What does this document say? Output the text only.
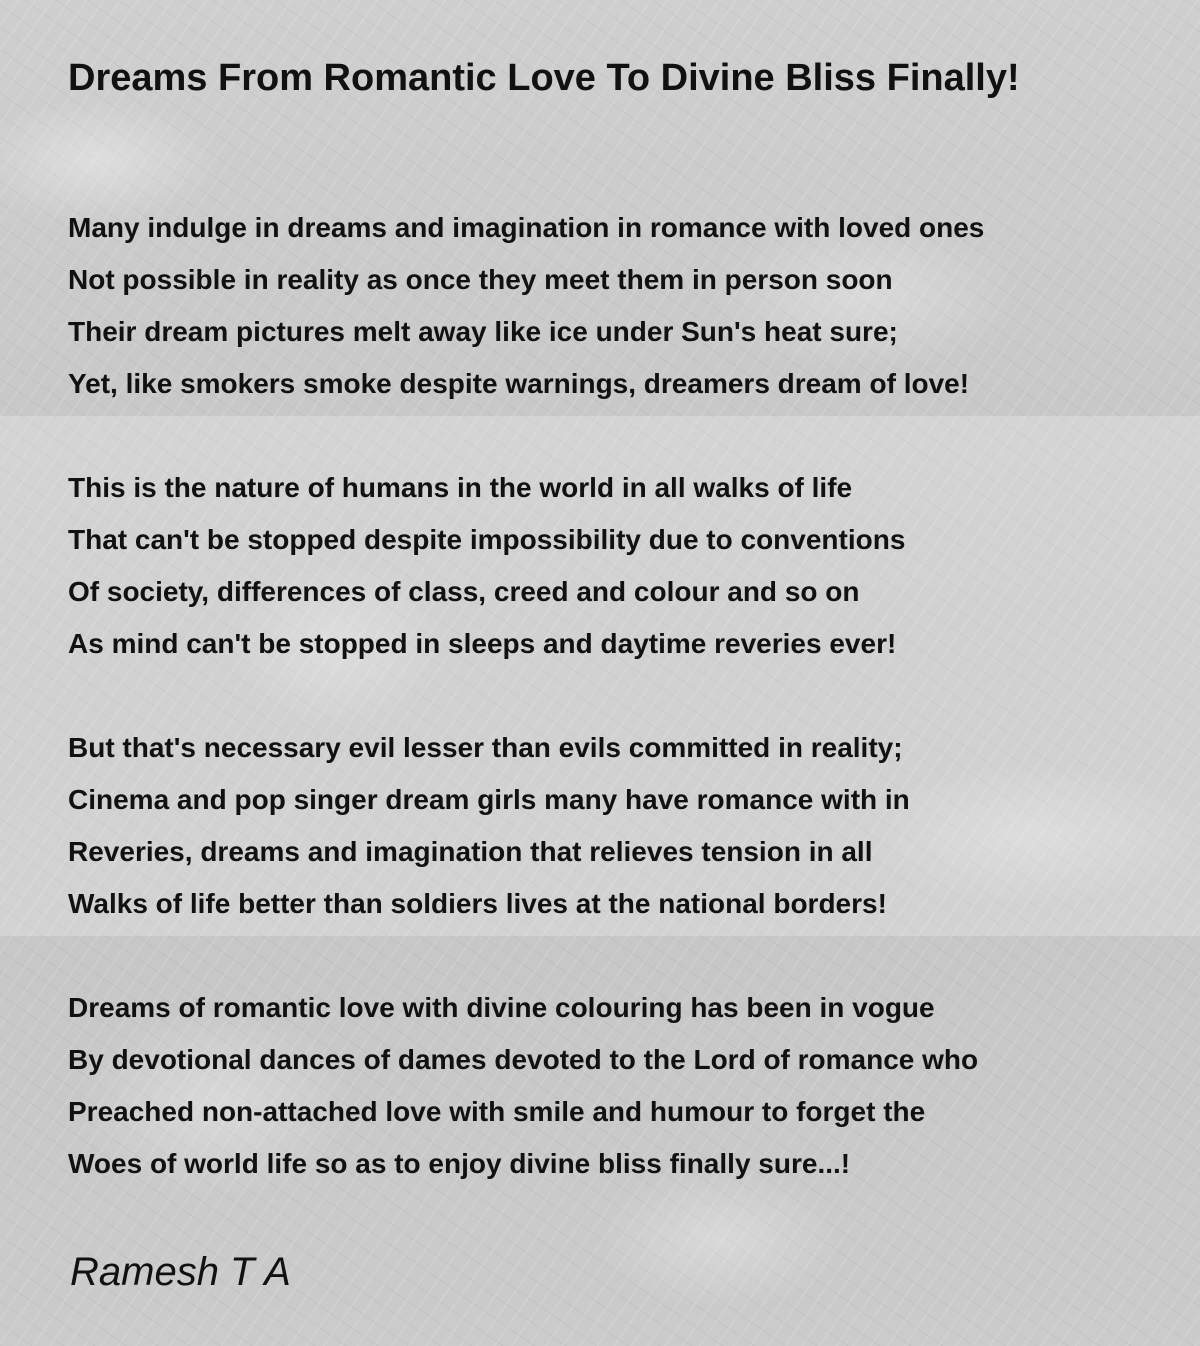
Dreams From Romantic Love To Divine Bliss Finally!
Many indulge in dreams and imagination in romance with loved ones
Not possible in reality as once they meet them in person soon
Their dream pictures melt away like ice under Sun's heat sure;
Yet, like smokers smoke despite warnings, dreamers dream of love!
This is the nature of humans in the world in all walks of life
That can't be stopped despite impossibility due to conventions
Of society, differences of class, creed and colour and so on
As mind can't be stopped in sleeps and daytime reveries ever!
But that's necessary evil lesser than evils committed in reality;
Cinema and pop singer dream girls many have romance with in
Reveries, dreams and imagination that relieves tension in all
Walks of life better than soldiers lives at the national borders!
Dreams of romantic love with divine colouring has been in vogue
By devotional dances of dames devoted to the Lord of romance who
Preached non-attached love with smile and humour to forget the
Woes of world life so as to enjoy divine bliss finally sure...!
Ramesh T A
